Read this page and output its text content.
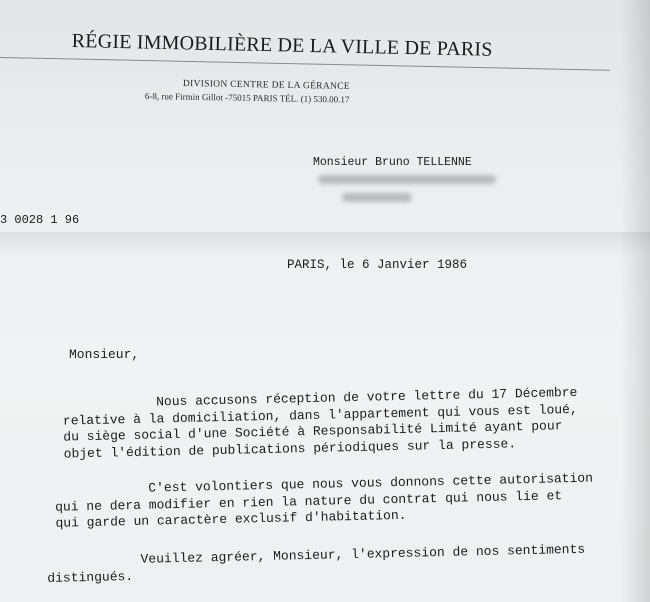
RÉGIE IMMOBILIÈRE DE LA VILLE DE PARIS
DIVISION CENTRE DE LA GÉRANCE
6-8, rue Firmin Gillot -75015 PARIS TÉL. (1) 530.00.17
Monsieur Bruno TELLENNE
3 0028 1 96
PARIS, le 6 Janvier 1986
Monsieur,
Nous accusons réception de votre lettre du 17 Décembre
relative à la domiciliation, dans l'appartement qui vous est loué,
du siège social d'une Société à Responsabilité Limité ayant pour
objet l'édition de publications périodiques sur la presse.
C'est volontiers que nous vous donnons cette autorisation
qui ne dera modifier en rien la nature du contrat qui nous lie et
qui garde un caractère exclusif d'habitation.
Veuillez agréer, Monsieur, l'expression de nos sentiments
distingués.
